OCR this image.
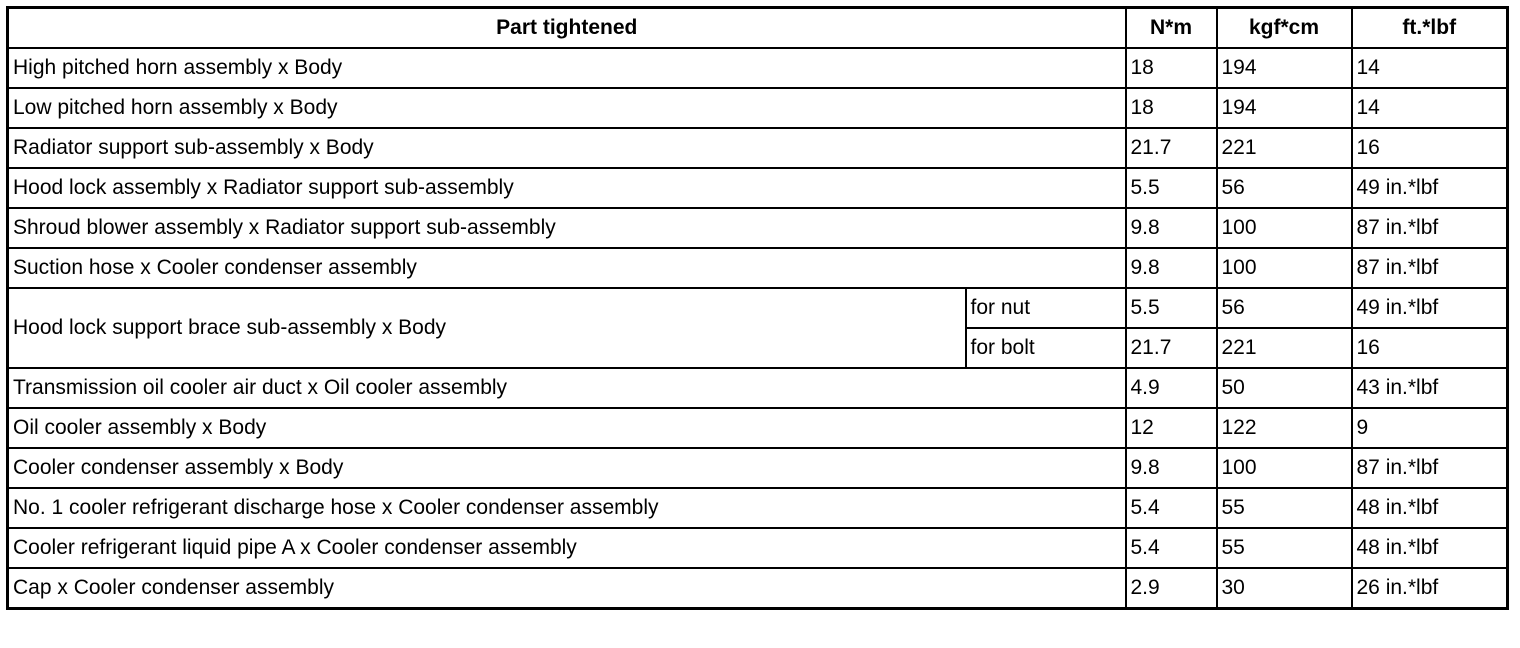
Part tightened		N*m	kgf*cm	ft.*lbf
High pitched horn assembly x Body		18	194	14
Low pitched horn assembly x Body		18	194	14
Radiator support sub-assembly x Body		21.7	221	16
Hood lock assembly x Radiator support sub-assembly		5.5	56	49 in.*lbf
Shroud blower assembly x Radiator support sub-assembly		9.8	100	87 in.*lbf
Suction hose x Cooler condenser assembly		9.8	100	87 in.*lbf
Hood lock support brace sub-assembly x Body	for nut	5.5	56	49 in.*lbf
	for bolt	21.7	221	16
Transmission oil cooler air duct x Oil cooler assembly		4.9	50	43 in.*lbf
Oil cooler assembly x Body		12	122	9
Cooler condenser assembly x Body		9.8	100	87 in.*lbf
No. 1 cooler refrigerant discharge hose x Cooler condenser assembly		5.4	55	48 in.*lbf
Cooler refrigerant liquid pipe A x Cooler condenser assembly		5.4	55	48 in.*lbf
Cap x Cooler condenser assembly		2.9	30	26 in.*lbf
